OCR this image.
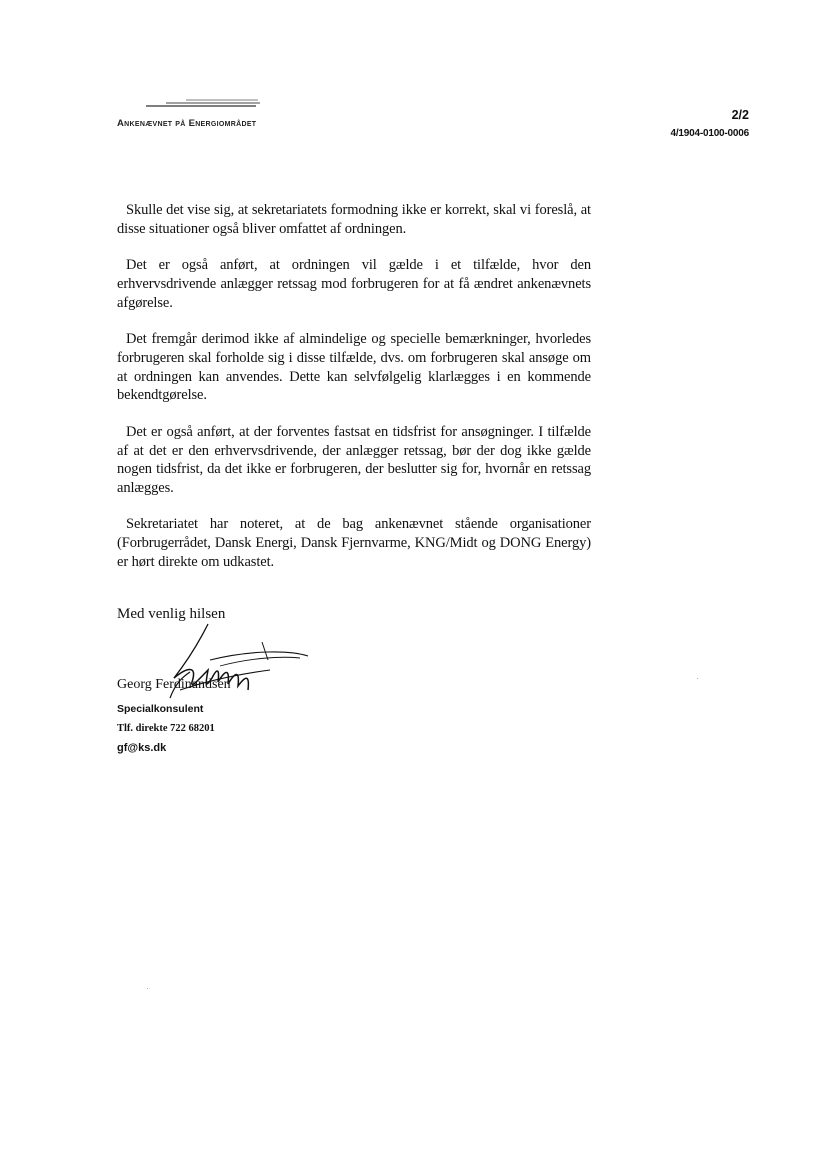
Ankenævnet på Energiområdet
2/2
4/1904-0100-0006

Skulle det vise sig, at sekretariatets formodning ikke er korrekt, skal vi foreslå, at disse situationer også bliver omfattet af ordningen.

Det er også anført, at ordningen vil gælde i et tilfælde, hvor den erhvervsdrivende anlægger retssag mod forbrugeren for at få ændret ankenævnets afgørelse.

Det fremgår derimod ikke af almindelige og specielle bemærkninger, hvorledes forbrugeren skal forholde sig i disse tilfælde, dvs. om forbrugeren skal ansøge om at ordningen kan anvendes. Dette kan selvfølgelig klarlægges i en kommende bekendtgørelse.

Det er også anført, at der forventes fastsat en tidsfrist for ansøgninger. I tilfælde af at det er den erhvervsdrivende, der anlægger retssag, bør der dog ikke gælde nogen tidsfrist, da det ikke er forbrugeren, der beslutter sig for, hvornår en retssag anlægges.

Sekretariatet har noteret, at de bag ankenævnet stående organisationer (Forbrugerrådet, Dansk Energi, Dansk Fjernvarme, KNG/Midt og DONG Energy) er hørt direkte om udkastet.

Med venlig hilsen
Georg Ferdinandsen
Specialkonsulent
Tlf. direkte 722 68201
gf@ks.dk
